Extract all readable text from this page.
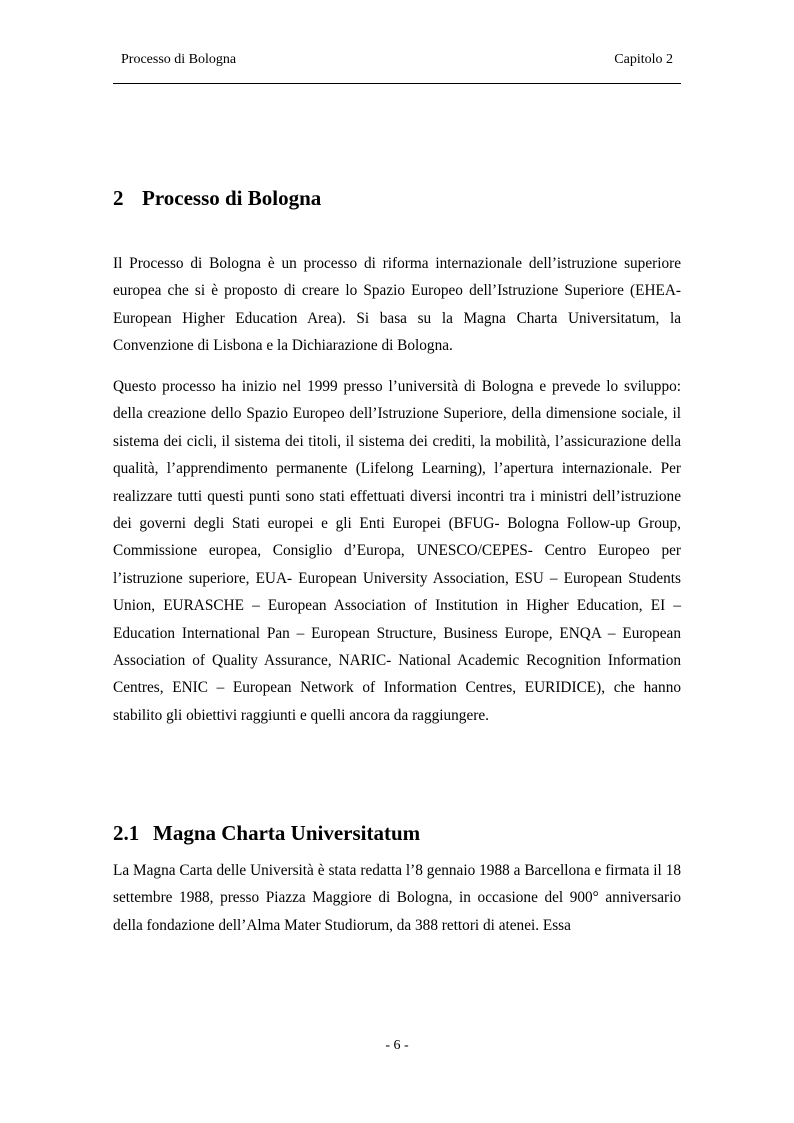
Processo di Bologna	Capitolo 2
2 Processo di Bologna

Il Processo di Bologna è un processo di riforma internazionale dell’istruzione superiore europea che si è proposto di creare lo Spazio Europeo dell’Istruzione Superiore (EHEA- European Higher Education Area). Si basa su la Magna Charta Universitatum, la Convenzione di Lisbona e la Dichiarazione di Bologna.

Questo processo ha inizio nel 1999 presso l’università di Bologna e prevede lo sviluppo: della creazione dello Spazio Europeo dell’Istruzione Superiore, della dimensione sociale, il sistema dei cicli, il sistema dei titoli, il sistema dei crediti, la mobilità, l’assicurazione della qualità, l’apprendimento permanente (Lifelong Learning), l’apertura internazionale. Per realizzare tutti questi punti sono stati effettuati diversi incontri tra i ministri dell’istruzione dei governi degli Stati europei e gli Enti Europei (BFUG- Bologna Follow-up Group, Commissione europea, Consiglio d’Europa, UNESCO/CEPES- Centro Europeo per l’istruzione superiore, EUA- European University Association, ESU – European Students Union, EURASCHE – European Association of Institution in Higher Education, EI – Education International Pan – European Structure, Business Europe, ENQA – European Association of Quality Assurance, NARIC- National Academic Recognition Information Centres, ENIC – European Network of Information Centres, EURIDICE), che hanno stabilito gli obiettivi raggiunti e quelli ancora da raggiungere.

2.1 Magna Charta Universitatum

La Magna Carta delle Università è stata redatta l’8 gennaio 1988 a Barcellona e firmata il 18 settembre 1988, presso Piazza Maggiore di Bologna, in occasione del 900° anniversario della fondazione dell’Alma Mater Studiorum, da 388 rettori di atenei. Essa

- 6 -
